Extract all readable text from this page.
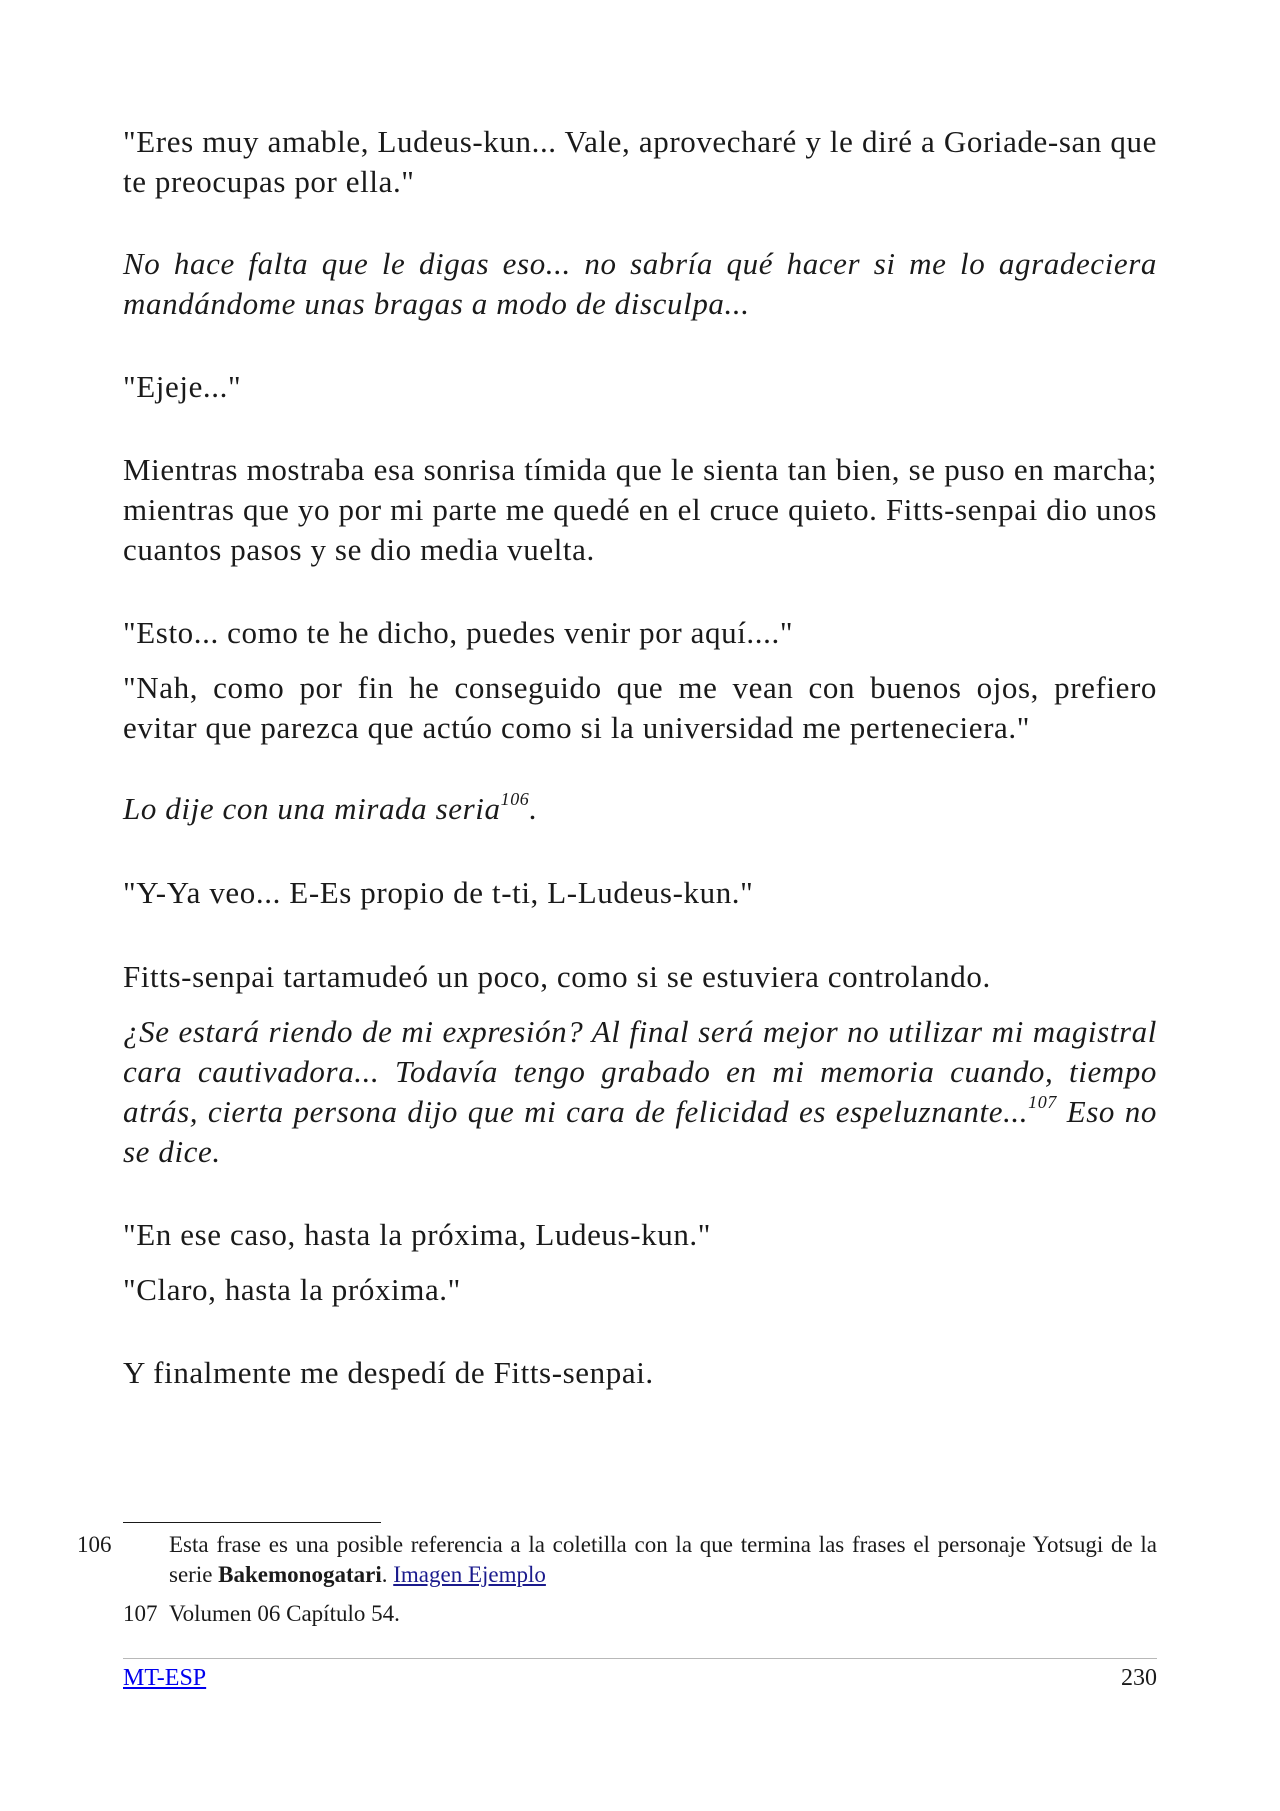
"Eres muy amable, Ludeus-kun... Vale, aprovecharé y le diré a Goriade-san que te preocupas por ella."

No hace falta que le digas eso... no sabría qué hacer si me lo agradeciera mandándome unas bragas a modo de disculpa...

"Ejeje..."

Mientras mostraba esa sonrisa tímida que le sienta tan bien, se puso en marcha; mientras que yo por mi parte me quedé en el cruce quieto. Fitts-senpai dio unos cuantos pasos y se dio media vuelta.

"Esto... como te he dicho, puedes venir por aquí...."

"Nah, como por fin he conseguido que me vean con buenos ojos, prefiero evitar que parezca que actúo como si la universidad me perteneciera."

Lo dije con una mirada seria$^{106}$.

"Y-Ya veo... E-Es propio de t-ti, L-Ludeus-kun."

Fitts-senpai tartamudeó un poco, como si se estuviera controlando.

¿Se estará riendo de mi expresión? Al final será mejor no utilizar mi magistral cara cautivadora... Todavía tengo grabado en mi memoria cuando, tiempo atrás, cierta persona dijo que mi cara de felicidad es espeluznante...$^{107}$ Eso no se dice.

"En ese caso, hasta la próxima, Ludeus-kun."

"Claro, hasta la próxima."

Y finalmente me despedí de Fitts-senpai.

106	Esta frase es una posible referencia a la coletilla con la que termina las frases el personaje Yotsugi de la serie Bakemonogatari. Imagen Ejemplo

107 Volumen 06 Capítulo 54.

MT-ESP	230
